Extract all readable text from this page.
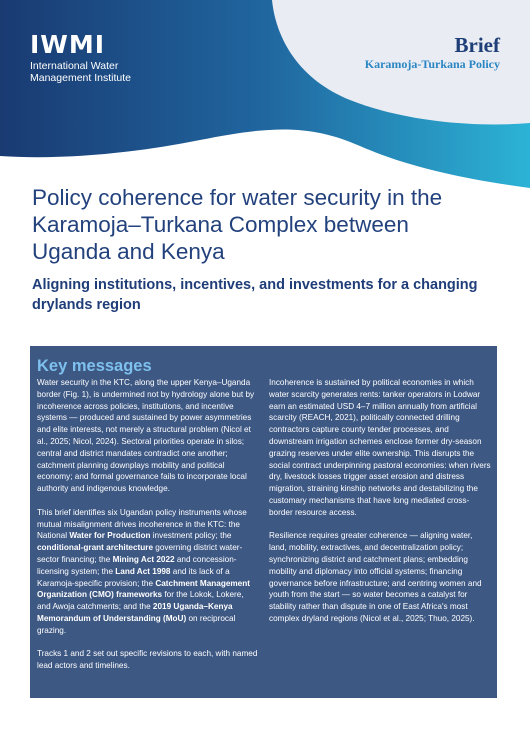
IWMI
International Water
Management Institute
Brief
Karamoja-Turkana Policy
Policy coherence for water security in the Karamoja–Turkana Complex between Uganda and Kenya
Aligning institutions, incentives, and investments for a changing drylands region
Key messages

Water security in the KTC, along the upper Kenya–Uganda border (Fig. 1), is undermined not by hydrology alone but by incoherence across policies, institutions, and incentive systems — produced and sustained by power asymmetries and elite interests, not merely a structural problem (Nicol et al., 2025; Nicol, 2024). Sectoral priorities operate in silos; central and district mandates contradict one another; catchment planning downplays mobility and political economy; and formal governance fails to incorporate local authority and indigenous knowledge.

This brief identifies six Ugandan policy instruments whose mutual misalignment drives incoherence in the KTC: the National Water for Production investment policy; the conditional-grant architecture governing district water-sector financing; the Mining Act 2022 and concession-licensing system; the Land Act 1998 and its lack of a Karamoja-specific provision; the Catchment Management Organization (CMO) frameworks for the Lokok, Lokere, and Awoja catchments; and the 2019 Uganda–Kenya Memorandum of Understanding (MoU) on reciprocal grazing.

Tracks 1 and 2 set out specific revisions to each, with named lead actors and timelines.

Incoherence is sustained by political economies in which water scarcity generates rents: tanker operators in Lodwar earn an estimated USD 4–7 million annually from artificial scarcity (REACH, 2021), politically connected drilling contractors capture county tender processes, and downstream irrigation schemes enclose former dry-season grazing reserves under elite ownership. This disrupts the social contract underpinning pastoral economies: when rivers dry, livestock losses trigger asset erosion and distress migration, straining kinship networks and destabilizing the customary mechanisms that have long mediated cross-border resource access.

Resilience requires greater coherence — aligning water, land, mobility, extractives, and decentralization policy; synchronizing district and catchment plans; embedding mobility and diplomacy into official systems; financing governance before infrastructure; and centring women and youth from the start — so water becomes a catalyst for stability rather than dispute in one of East Africa's most complex dryland regions (Nicol et al., 2025; Thuo, 2025).
